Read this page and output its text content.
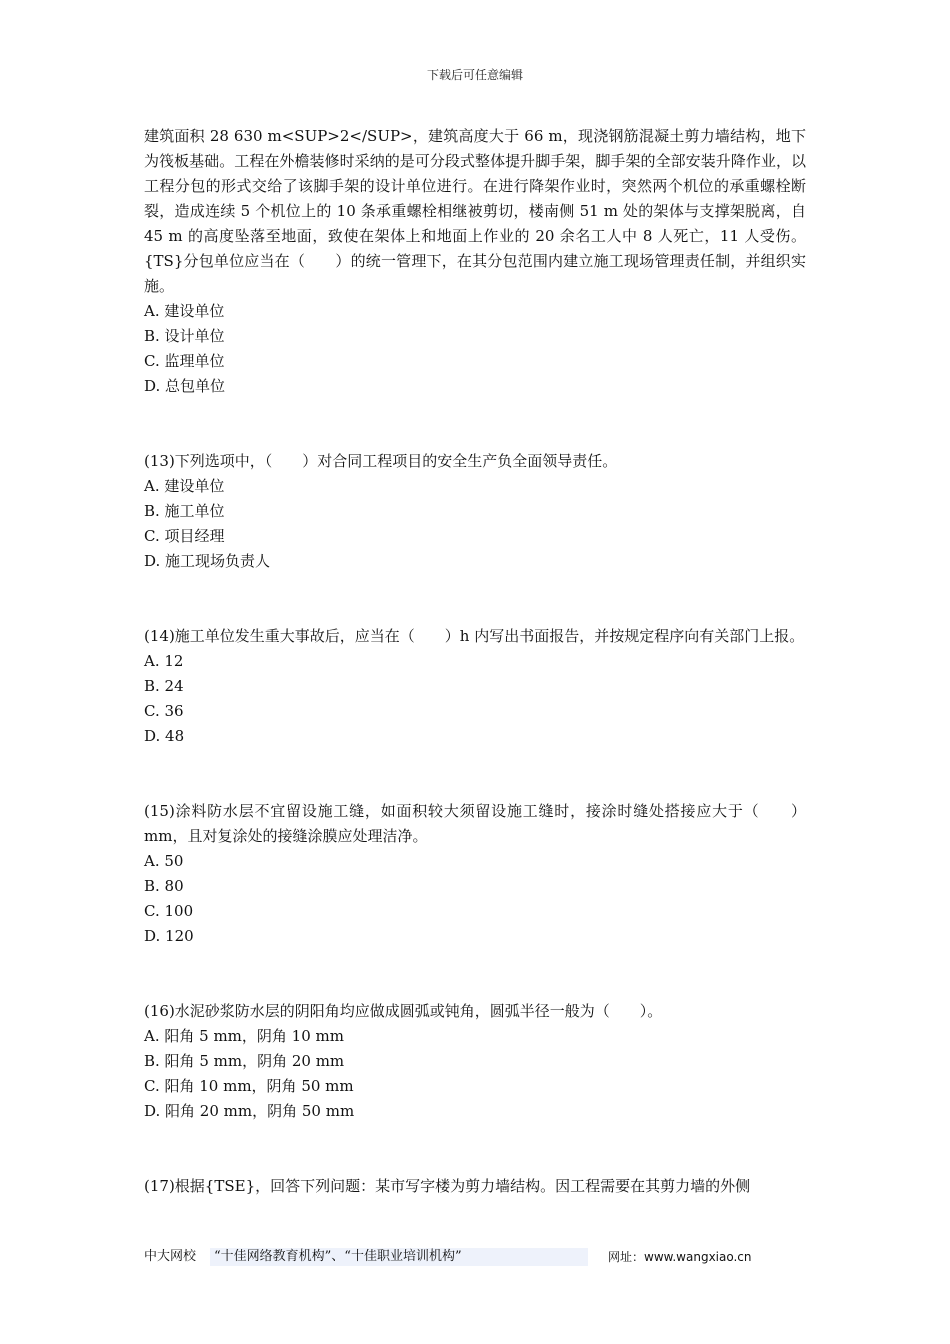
下载后可任意编辑

建筑面积 28 630 m<SUP>2</SUP>，建筑高度大于 66 m，现浇钢筋混凝土剪力墙结构，地下为筏板基础。工程在外檐装修时采纳的是可分段式整体提升脚手架，脚手架的全部安装升降作业，以工程分包的形式交给了该脚手架的设计单位进行。在进行降架作业时，突然两个机位的承重螺栓断裂，造成连续 5 个机位上的 10 条承重螺栓相继被剪切，楼南侧 51 m 处的架体与支撑架脱离，自 45 m 的高度坠落至地面，致使在架体上和地面上作业的 20 余名工人中 8 人死亡，11 人受伤。{TS}分包单位应当在（　　）的统一管理下，在其分包范围内建立施工现场管理责任制，并组织实施。

A. 建设单位

B. 设计单位

C. 监理单位

D. 总包单位

(13)下列选项中，（　　）对合同工程项目的安全生产负全面领导责任。

A. 建设单位

B. 施工单位

C. 项目经理

D. 施工现场负责人

(14)施工单位发生重大事故后，应当在（　　）h 内写出书面报告，并按规定程序向有关部门上报。

A. 12

B. 24

C. 36

D. 48

(15)涂料防水层不宜留设施工缝，如面积较大须留设施工缝时，接涂时缝处搭接应大于（　　）mm，且对复涂处的接缝涂膜应处理洁净。

A. 50

B. 80

C. 100

D. 120

(16)水泥砂浆防水层的阴阳角均应做成圆弧或钝角，圆弧半径一般为（　　）。

A. 阳角 5 mm，阴角 10 mm

B. 阳角 5 mm，阴角 20 mm

C. 阳角 10 mm，阴角 50 mm

D. 阳角 20 mm，阴角 50 mm

(17)根据{TSE}，回答下列问题：某市写字楼为剪力墙结构。因工程需要在其剪力墙的外侧

中大网校	“十佳网络教育机构”、“十佳职业培训机构”	网址：www.wangxiao.cn
